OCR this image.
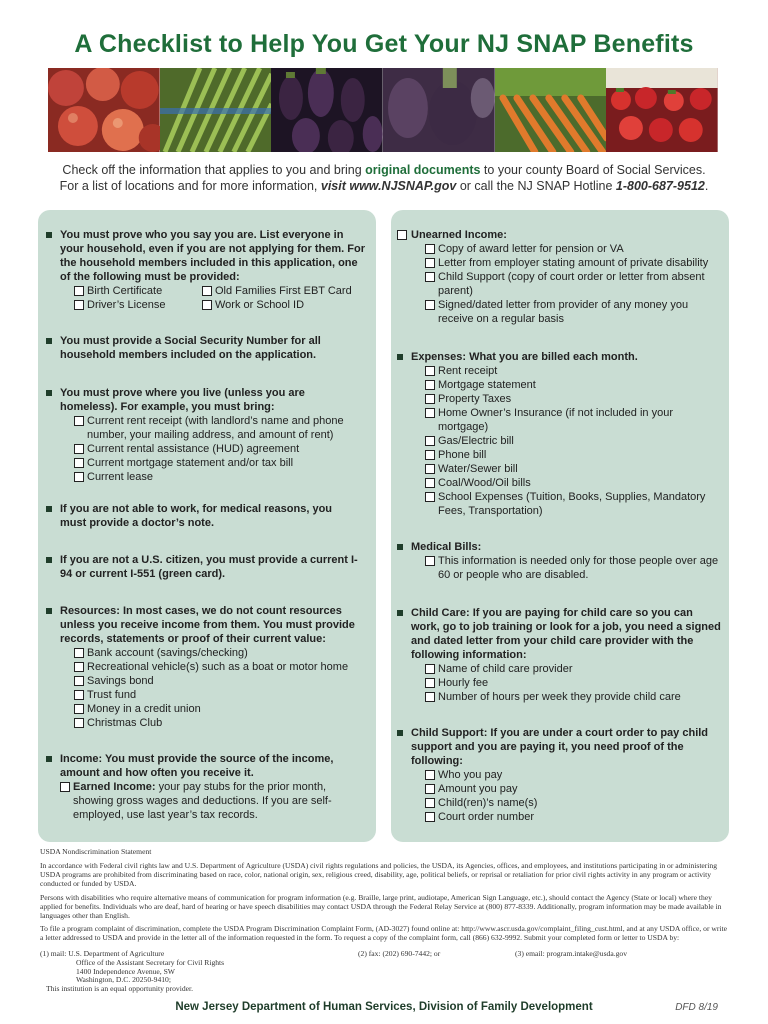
A Checklist to Help You Get Your NJ SNAP Benefits
Check off the information that applies to you and bring original documents to your county Board of Social Services.
For a list of locations and for more information, visit www.NJSNAP.gov or call the NJ SNAP Hotline 1-800-687-9512.
You must prove who you say you are. List everyone in your household, even if you are not applying for them. For the household members included in this application, one of the following must be provided:
Birth Certificate
Driver’s License
Old Families First EBT Card
Work or School ID
You must provide a Social Security Number for all household members included on the application.
You must prove where you live (unless you are homeless). For example, you must bring:
Current rent receipt (with landlord’s name and phone number, your mailing address, and amount of rent)
Current rental assistance (HUD) agreement
Current mortgage statement and/or tax bill
Current lease
If you are not able to work, for medical reasons, you must provide a doctor’s note.
If you are not a U.S. citizen, you must provide a current I-94 or current I-551 (green card).
Resources: In most cases, we do not count resources unless you receive income from them. You must provide records, statements or proof of their current value:
Bank account (savings/checking)
Recreational vehicle(s) such as a boat or motor home
Savings bond
Trust fund
Money in a credit union
Christmas Club
Income: You must provide the source of the income, amount and how often you receive it.
Earned Income: your pay stubs for the prior month, showing gross wages and deductions. If you are self-employed, use last year’s tax records.
Unearned Income:
Copy of award letter for pension or VA
Letter from employer stating amount of private disability
Child Support (copy of court order or letter from absent parent)
Signed/dated letter from provider of any money you receive on a regular basis
Expenses: What you are billed each month.
Rent receipt
Mortgage statement
Property Taxes
Home Owner’s Insurance (if not included in your mortgage)
Gas/Electric bill
Phone bill
Water/Sewer bill
Coal/Wood/Oil bills
School Expenses (Tuition, Books, Supplies, Mandatory Fees, Transportation)
Medical Bills:
This information is needed only for those people over age 60 or people who are disabled.
Child Care: If you are paying for child care so you can work, go to job training or look for a job, you need a signed and dated letter from your child care provider with the following information:
Name of child care provider
Hourly fee
Number of hours per week they provide child care
Child Support: If you are under a court order to pay child support and you are paying it, you need proof of the following:
Who you pay
Amount you pay
Child(ren)’s name(s)
Court order number
USDA Nondiscrimination Statement
In accordance with Federal civil rights law and U.S. Department of Agriculture (USDA) civil rights regulations and policies, the USDA, its Agencies, offices, and employees, and institutions participating in or administering USDA programs are prohibited from discriminating based on race, color, national origin, sex, religious creed, disability, age, political beliefs, or reprisal or retaliation for prior civil rights activity in any program or activity conducted or funded by USDA.
Persons with disabilities who require alternative means of communication for program information (e.g. Braille, large print, audiotape, American Sign Language, etc.), should contact the Agency (State or local) where they applied for benefits. Individuals who are deaf, hard of hearing or have speech disabilities may contact USDA through the Federal Relay Service at (800) 877-8339. Additionally, program information may be made available in languages other than English.
To file a program complaint of discrimination, complete the USDA Program Discrimination Complaint Form, (AD-3027) found online at: http://www.ascr.usda.gov/complaint_filing_cust.html, and at any USDA office, or write a letter addressed to USDA and provide in the letter all of the information requested in the form. To request a copy of the complaint form, call (866) 632-9992. Submit your completed form or letter to USDA by:
(1) mail: U.S. Department of Agriculture
Office of the Assistant Secretary for Civil Rights
1400 Independence Avenue, SW
Washington, D.C. 20250-9410;
This institution is an equal opportunity provider.
(2) fax: (202) 690-7442; or	(3) email: program.intake@usda.gov
New Jersey Department of Human Services, Division of Family Development	DFD 8/19
